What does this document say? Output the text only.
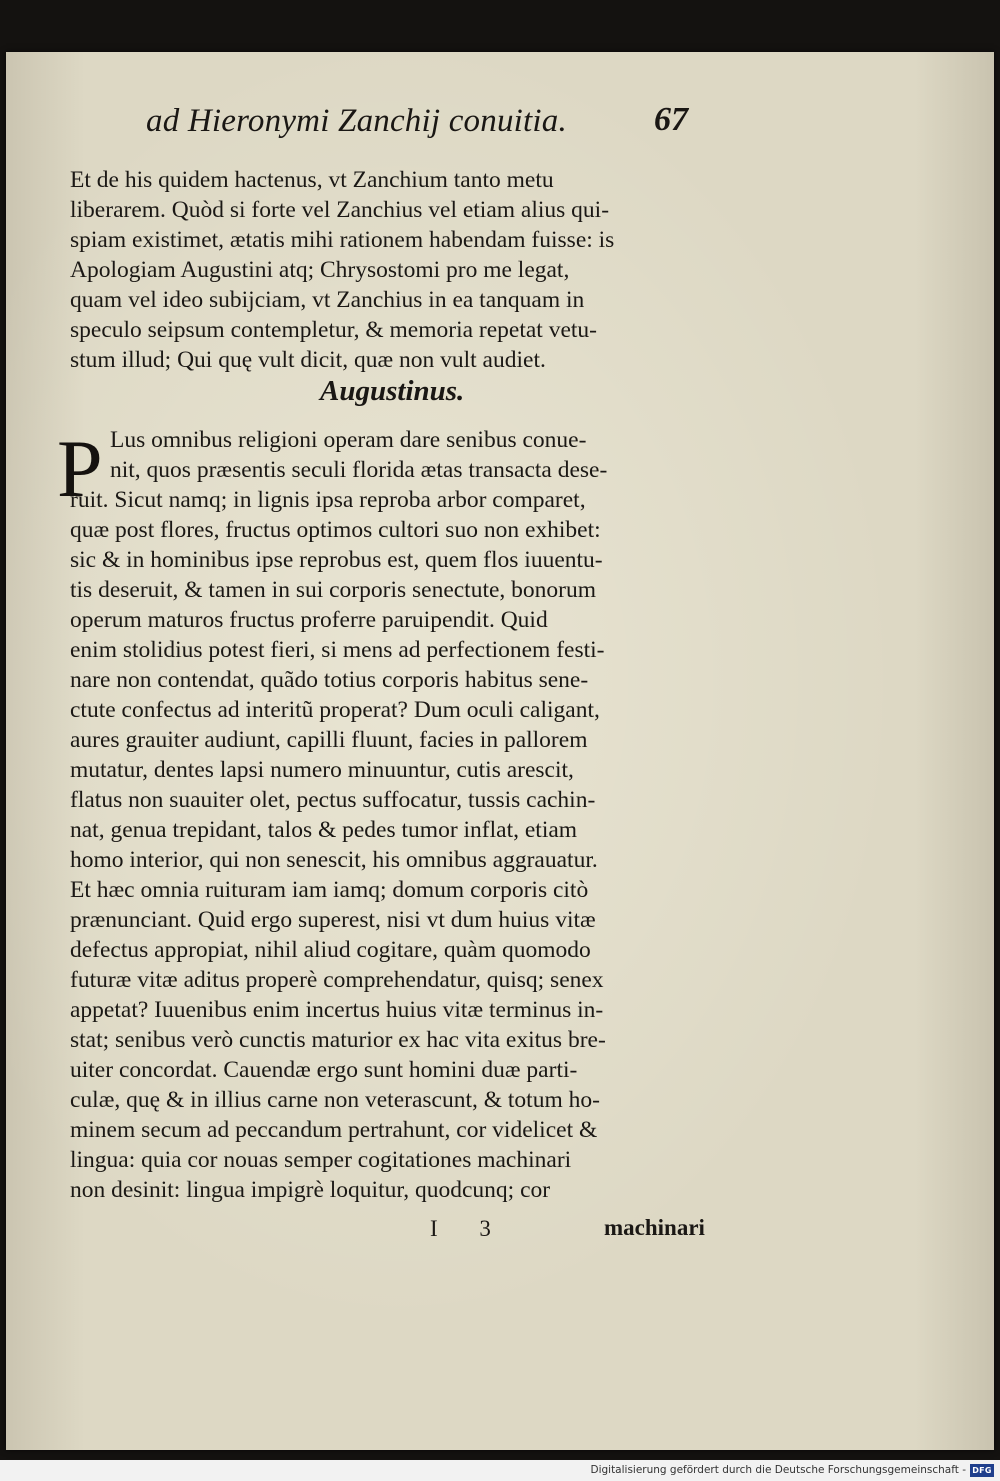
ad Hieronymi Zanchij conuitia.	67
Et de his quidem hactenus, vt Zanchium tanto metu
liberarem. Quòd si forte vel Zanchius vel etiam alius qui-
spiam existimet, ætatis mihi rationem habendam fuisse: is
Apologiam Augustini atq; Chrysostomi pro me legat,
quam vel ideo subijciam, vt Zanchius in ea tanquam in
speculo seipsum contempletur, & memoria repetat vetu-
stum illud; Qui quę vult dicit, quæ non vult audiet.
Augustinus.
P Lus omnibus religioni operam dare senibus conue-
nit, quos præsentis seculi florida ætas transacta dese-
ruit. Sicut namq; in lignis ipsa reproba arbor comparet,
quæ post flores, fructus optimos cultori suo non exhibet:
sic & in hominibus ipse reprobus est, quem flos iuuentu-
tis deseruit, & tamen in sui corporis senectute, bonorum
operum maturos fructus proferre paruipendit. Quid
enim stolidius potest fieri, si mens ad perfectionem festi-
nare non contendat, quãdo totius corporis habitus sene-
ctute confectus ad interitũ properat? Dum oculi caligant,
aures grauiter audiunt, capilli fluunt, facies in pallorem
mutatur, dentes lapsi numero minuuntur, cutis arescit,
flatus non suauiter olet, pectus suffocatur, tussis cachin-
nat, genua trepidant, talos & pedes tumor inflat, etiam
homo interior, qui non senescit, his omnibus aggrauatur.
Et hæc omnia ruituram iam iamq; domum corporis citò
prænunciant. Quid ergo superest, nisi vt dum huius vitæ
defectus appropiat, nihil aliud cogitare, quàm quomodo
futuræ vitæ aditus properè comprehendatur, quisq; senex
appetat? Iuuenibus enim incertus huius vitæ terminus in-
stat; senibus verò cunctis maturior ex hac vita exitus bre-
uiter concordat. Cauendæ ergo sunt homini duæ parti-
culæ, quę & in illius carne non veterascunt, & totum ho-
minem secum ad peccandum pertrahunt, cor videlicet &
lingua: quia cor nouas semper cogitationes machinari
non desinit: lingua impigrè loquitur, quodcunq; cor
I 3	machinari
Digitalisierung gefördert durch die Deutsche Forschungsgemeinschaft - DFG
